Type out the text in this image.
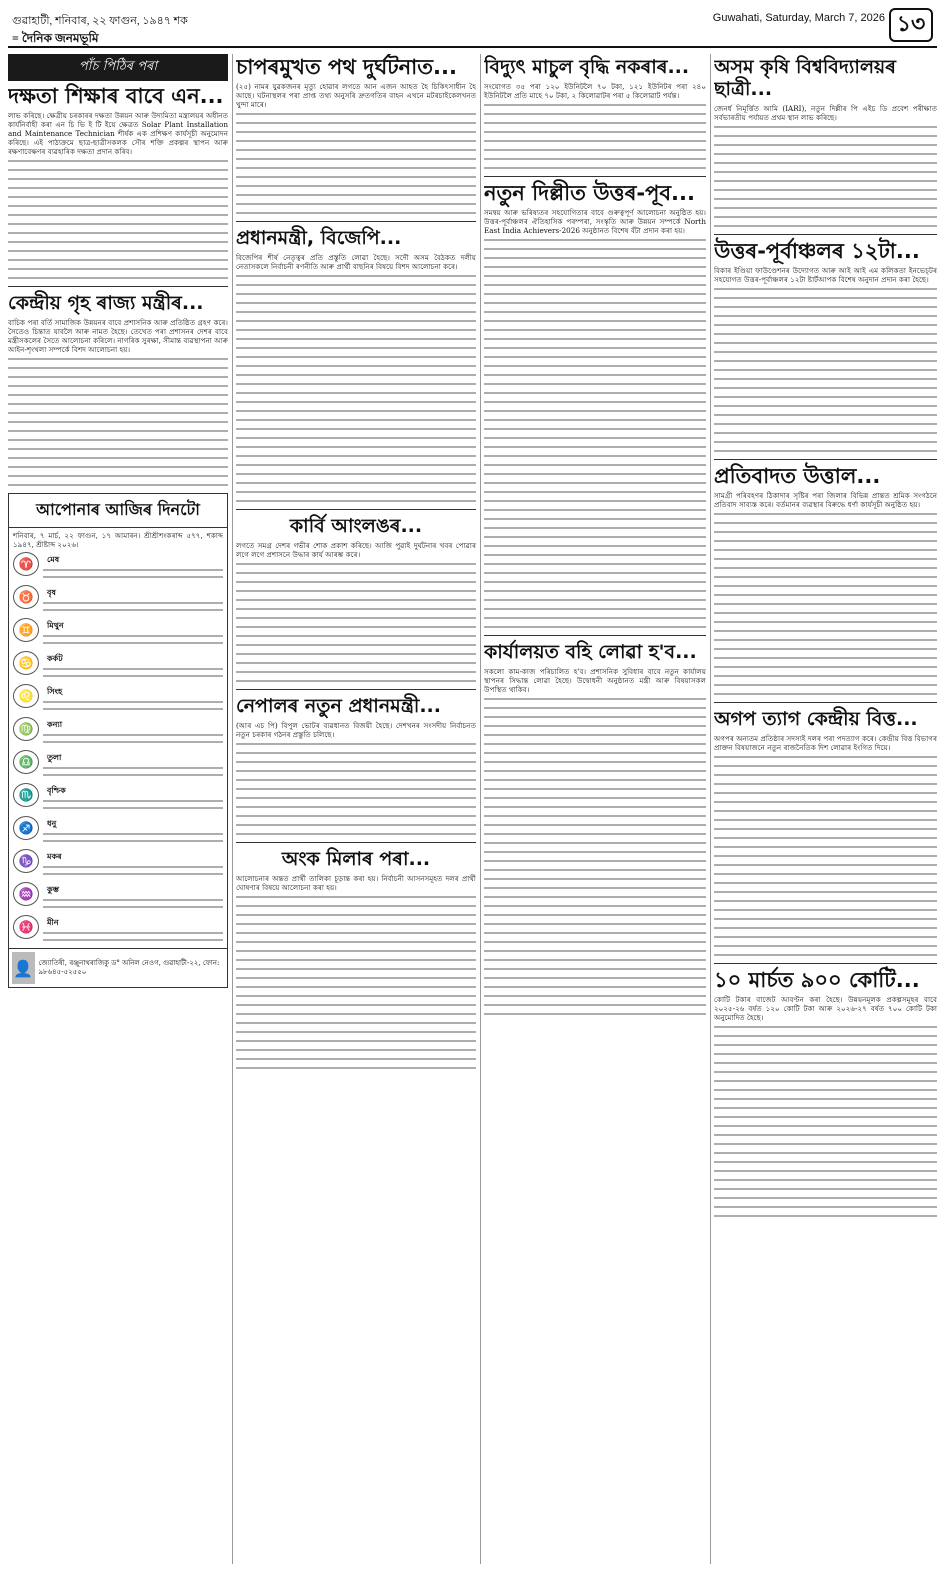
গুৱাহাটী, শনিবাৰ, ২২ ফাগুন, ১৯৪৭ শক	Guwahati, Saturday, March 7, 2026
= দৈনিক জনমভূমি
১৩
পাঁচ পিঠিৰ পৰা
দক্ষতা শিক্ষাৰ বাবে এন...

লাভ কৰিছে। ক্ষেত্ৰীয় চৰকাৰৰ দক্ষতা উন্নয়ন আৰু উদ্যমিতা মন্ত্ৰালয়ৰ অধীনত কাৰ্যনিৰ্বাহী কৰা এন চি ভি ই টি ইয়ে ক্ষেত্ৰত Solar Plant Installation and Maintenance Technician শীৰ্ষক এক প্ৰশিক্ষণ কাৰ্যসূচী অনুমোদন কৰিছে। এই পাঠ্যক্ৰমে ছাত্ৰ-ছাত্ৰীসকলক সৌৰ শক্তি প্ৰকল্পৰ স্থাপন আৰু ৰক্ষণাবেক্ষণৰ ব্যৱহাৰিক দক্ষতা প্ৰদান কৰিব।

কেন্দ্ৰীয় গৃহ ৰাজ্য মন্ত্ৰীৰ...

বাচিক পৰা বৰ্তি সামাজিক উন্নয়নৰ বাবে প্ৰশাসনিক আৰু প্ৰতিষ্ঠিত গ্ৰহণ কৰে। সৈতেও চিন্তাত যাবলৈ আৰু নামত হৈছে। তেখেত পৰা প্ৰশাসনৰ দেশৰ বাবে মন্ত্ৰীসকলেৰ সৈতে আলোচনা কৰিলে। নাগৰিক সুৰক্ষা, সীমান্ত ব্যৱস্থাপনা আৰু আইন-শৃংখলা সম্পৰ্কে বিশদ আলোচনা হয়।

আপোনাৰ আজিৰ দিনটো

শনিবাৰ, ৭ মাৰ্চ, ২২ ফাগুন, ১৭ আমাৰন। শ্ৰীশ্ৰীশংকৰাব্দ ৫৭৭, শকাব্দ ১৯৪৭, শ্ৰীষ্টাব্দ ২০২৬।

♈	মেষ
♉	বৃষ
♊	মিথুন
♋	কৰ্কট
♌	সিংহ
♍	কন্যা
♎	তুলা
♏	বৃশ্চিক
♐	ধনু
♑	মকৰ
♒	কুম্ভ
♓	মীন
👤 জ্যোতিষী, ৰঞ্জুনাথৰাজিকু ড° অনিল নেওগ, গুৱাহাটী-২২, ফোন: ৯৮৬৪৫-৫২৫৫০
চাপৰমুখত পথ দুৰ্ঘটনাত...

(২৫) নামৰ যুৱকজনৰ মৃত্যু হোৱাৰ লগতে আন এজন আহত হৈ চিকিৎসাধীন হৈ আছে। ঘটনাস্থলৰ পৰা প্ৰাপ্ত তথ্য অনুসৰি দ্ৰুতগতিৰ বাহন এখনে মটৰচাইকেলখনত খুন্দা মাৰে।

প্ৰধানমন্ত্ৰী, বিজেপি...

বিজেপিৰ শীৰ্ষ নেতৃত্বৰ প্ৰতি প্ৰস্তুতি লোৱা হৈছে। সদৌ অসম বৈঠকত দলীয় নেতাসকলে নিৰ্বাচনী ৰণনীতি আৰু প্ৰাৰ্থী বাছনিৰ বিষয়ে বিশদ আলোচনা কৰে।

কাৰ্বি আংলঙৰ...

লগতে সমগ্ৰ দেশৰ গভীৰ শোক প্ৰকাশ কৰিছে। আজি পুৱাই দুৰ্ঘটনাৰ খবৰ পোৱাৰ লগে লগে প্ৰশাসনে উদ্ধাৰ কাৰ্য আৰম্ভ কৰে।

নেপালৰ নতুন প্ৰধানমন্ত্ৰী...

(আৰ এচ পি) বিপুল ভোটৰ ব্যৱধানত বিজয়ী হৈছে। দেশখনৰ সংসদীয় নিৰ্বাচনত নতুন চৰকাৰ গঠনৰ প্ৰস্তুতি চলিছে।

অংক মিলাৰ পৰা...

আলোচনাৰ অন্তত প্ৰাৰ্থী তালিকা চূড়ান্ত কৰা হয়। নিৰ্বাচনী আসনসমূহত দলৰ প্ৰাৰ্থী ঘোষণাৰ বিষয়ে আলোচনা কৰা হয়।

বিদ্যুৎ মাচুল বৃদ্ধি নকৰাৰ...

সংযোগত ৩৫ পৰা ১২০ ইউনিটলৈ ৭০ টকা, ১২১ ইউনিটৰ পৰা ২৪০ ইউনিটলৈ প্ৰতি মাহে ৭০ টকা, ২ কিলোৱাটৰ পৰা ৫ কিলোৱাট পৰ্যন্ত।

নতুন দিল্লীত উত্তৰ-পূব...

সমন্বয় আৰু ভৰিষ্যতৰ সহযোগিতাৰ বাবে গুৰুত্বপূৰ্ণ আলোচনা অনুষ্ঠিত হয়। উত্তৰ-পূৰ্বাঞ্চলৰ ঐতিহাসিক পৰম্পৰা, সংস্কৃতি আৰু উন্নয়ন সম্পৰ্কে North East India Achievers-2026 অনুষ্ঠানত বিশেষ বঁটা প্ৰদান কৰা হয়।

কাৰ্যালয়ত বহি লোৱা হ'ব...

সকলো কাম-কাজ পৰিচালিত হ'ব। প্ৰশাসনিক সুবিধাৰ বাবে নতুন কাৰ্যালয় স্থাপনৰ সিদ্ধান্ত লোৱা হৈছে। উদ্বোধনী অনুষ্ঠানত মন্ত্ৰী আৰু বিষয়াসকল উপস্থিত থাকিব।

অসম কৃষি বিশ্ববিদ্যালয়ৰ ছাত্ৰী...

জেনৰ্ধ নিমূৰ্ত্তিত আমি (IARI), নতুন দিল্লীৰ পি এইচ ডি প্ৰবেশ পৰীক্ষাত সৰ্বভাৰতীয় পৰ্যায়ত প্ৰথম স্থান লাভ কৰিছে।

উত্তৰ-পূৰ্বাঞ্চলৰ ১২টা...

বিকাৰ ইণ্ডিয়া ফাউণ্ডেশনৰ উদ্যোগত আৰু আই আই এম কলিকতা ইনভেচ্টৰ সহযোগত উত্তৰ-পূৰ্বাঞ্চলৰ ১২টা ষ্টাৰ্টআপক বিশেষ অনুদান প্ৰদান কৰা হৈছে।

প্ৰতিবাদত উত্তাল...

সামগ্ৰী পৰিবহণৰ ঠিকাদাৰ সৃষ্টিৰ পৰা জিলাৰ বিভিন্ন প্ৰান্তত শ্ৰমিক সংগঠনে প্ৰতিবাদ সাব্যস্ত কৰে। বৰ্তমানৰ ব্যৱস্থাৰ বিৰুদ্ধে ধৰ্ণা কাৰ্যসূচী অনুষ্ঠিত হয়।

অগপ ত্যাগ কেন্দ্ৰীয় বিত্ত...

অগপৰ অন্যতম প্ৰতিষ্ঠাৰ সদস্যই দলৰ পৰা পদত্যাগ কৰে। কেন্দ্ৰীয় বিত্ত বিভাগৰ প্ৰাক্তন বিষয়াজনে নতুন ৰাজনৈতিক দিশ লোৱাৰ ইংগিত দিয়ে।

১০ মাৰ্চত ৯০০ কোটি...

কোটি টকাৰ বাজেট আবণ্টন কৰা হৈছে। উন্নয়নমূলক প্ৰকল্পসমূহৰ বাবে ২০২৫-২৬ বৰ্ষত ১২০ কোটি টকা আৰু ২০২৬-২৭ বৰ্ষত ৭০০ কোটি টকা অনুমোদিত হৈছে।
